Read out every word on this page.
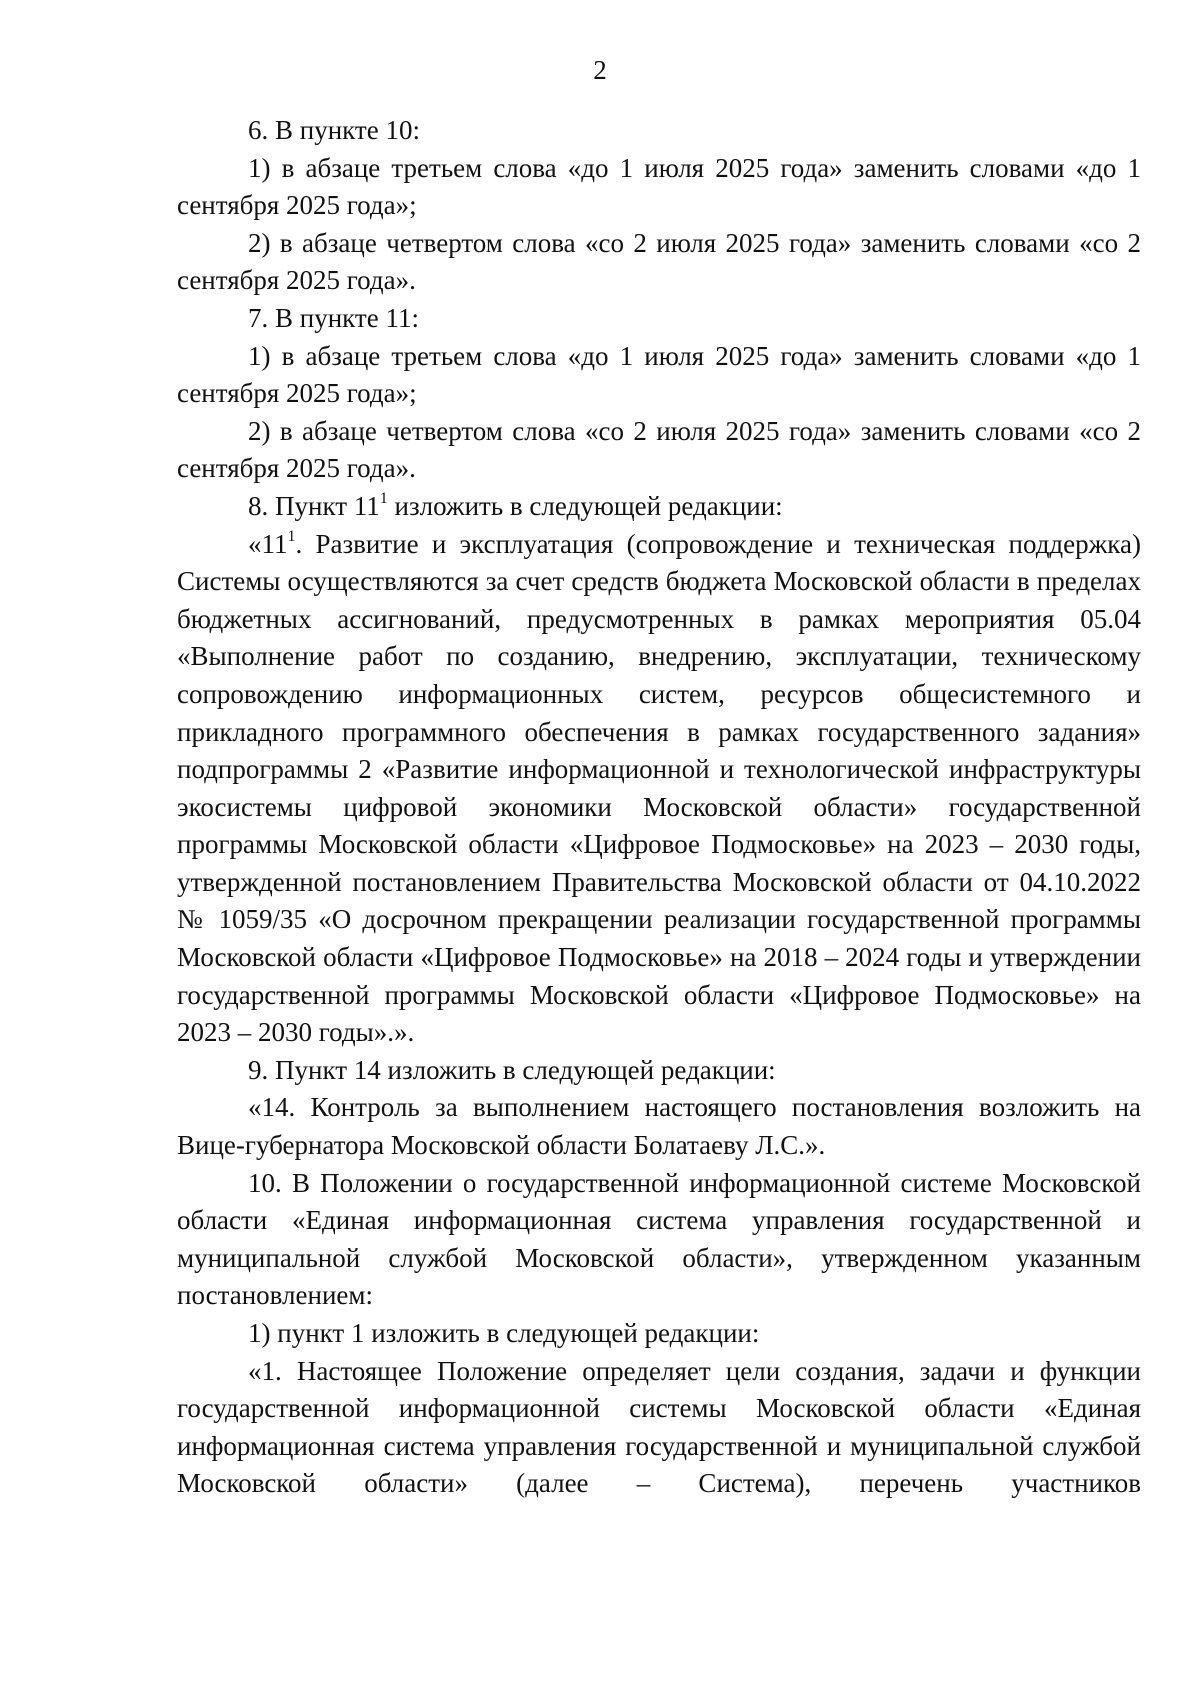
2

6. В пункте 10:

1) в абзаце третьем слова «до 1 июля 2025 года» заменить словами «до 1 сентября 2025 года»;

2) в абзаце четвертом слова «со 2 июля 2025 года» заменить словами «со 2 сентября 2025 года».

7. В пункте 11:

1) в абзаце третьем слова «до 1 июля 2025 года» заменить словами «до 1 сентября 2025 года»;

2) в абзаце четвертом слова «со 2 июля 2025 года» заменить словами «со 2 сентября 2025 года».

8. Пункт $11^1$ изложить в следующей редакции:

«$11^1$. Развитие и эксплуатация (сопровождение и техническая поддержка) Системы осуществляются за счет средств бюджета Московской области в пределах бюджетных ассигнований, предусмотренных в рамках мероприятия 05.04 «Выполнение работ по созданию, внедрению, эксплуатации, техническому сопровождению информационных систем, ресурсов общесистемного и прикладного программного обеспечения в рамках государственного задания» подпрограммы 2 «Развитие информационной и технологической инфраструктуры экосистемы цифровой экономики Московской области» государственной программы Московской области «Цифровое Подмосковье» на 2023 – 2030 годы, утвержденной постановлением Правительства Московской области от 04.10.2022 № 1059/35 «О досрочном прекращении реализации государственной программы Московской области «Цифровое Подмосковье» на 2018 – 2024 годы и утверждении государственной программы Московской области «Цифровое Подмосковье» на 2023 – 2030 годы».».

9. Пункт 14 изложить в следующей редакции:

«14. Контроль за выполнением настоящего постановления возложить на Вице-губернатора Московской области Болатаеву Л.С.».

10. В Положении о государственной информационной системе Московской области «Единая информационная система управления государственной и муниципальной службой Московской области», утвержденном указанным постановлением:

1) пункт 1 изложить в следующей редакции:

«1. Настоящее Положение определяет цели создания, задачи и функции государственной информационной системы Московской области «Единая информационная система управления государственной и муниципальной службой Московской области» (далее – Система), перечень участников
